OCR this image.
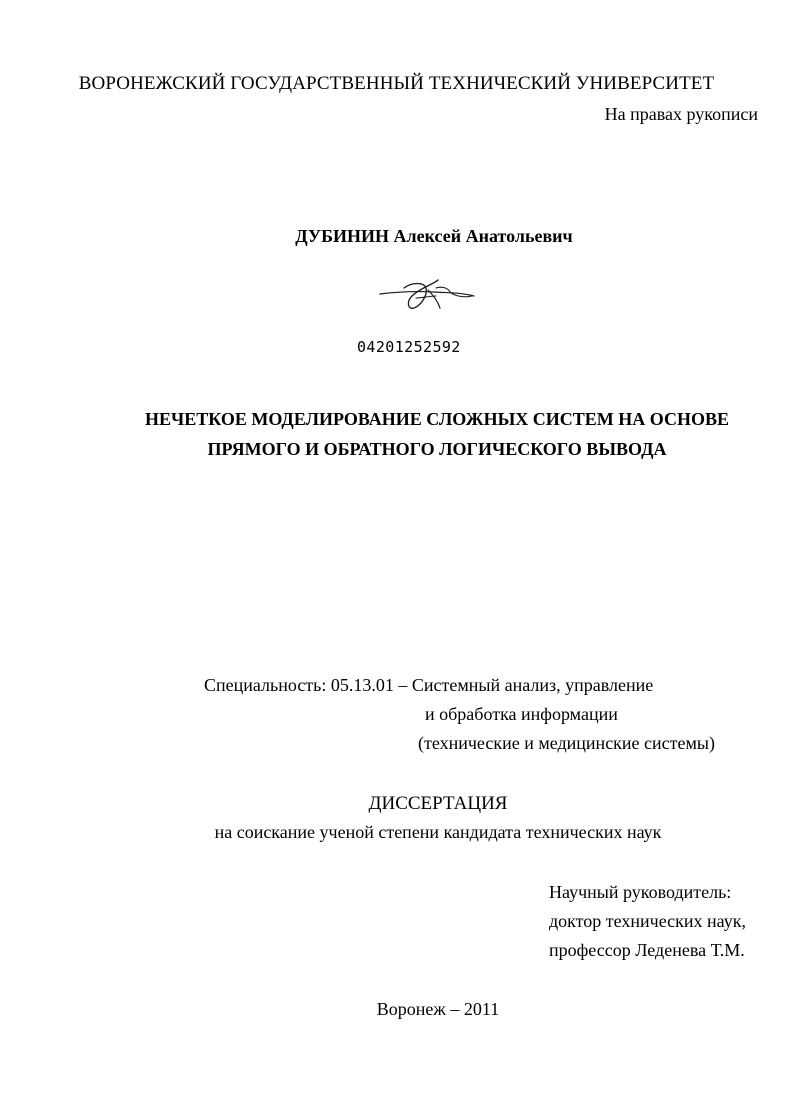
ВОРОНЕЖСКИЙ ГОСУДАРСТВЕННЫЙ ТЕХНИЧЕСКИЙ УНИВЕРСИТЕТ
На правах рукописи
ДУБИНИН Алексей Анатольевич
04201252592
НЕЧЕТКОЕ МОДЕЛИРОВАНИЕ СЛОЖНЫХ СИСТЕМ НА ОСНОВЕ
ПРЯМОГО И ОБРАТНОГО ЛОГИЧЕСКОГО ВЫВОДА
Специальность: 05.13.01 – Системный анализ, управление
и обработка информации
(технические и медицинские системы)
ДИССЕРТАЦИЯ
на соискание ученой степени кандидата технических наук
Научный руководитель:
доктор технических наук,
профессор Леденева Т.М.
Воронеж – 2011
